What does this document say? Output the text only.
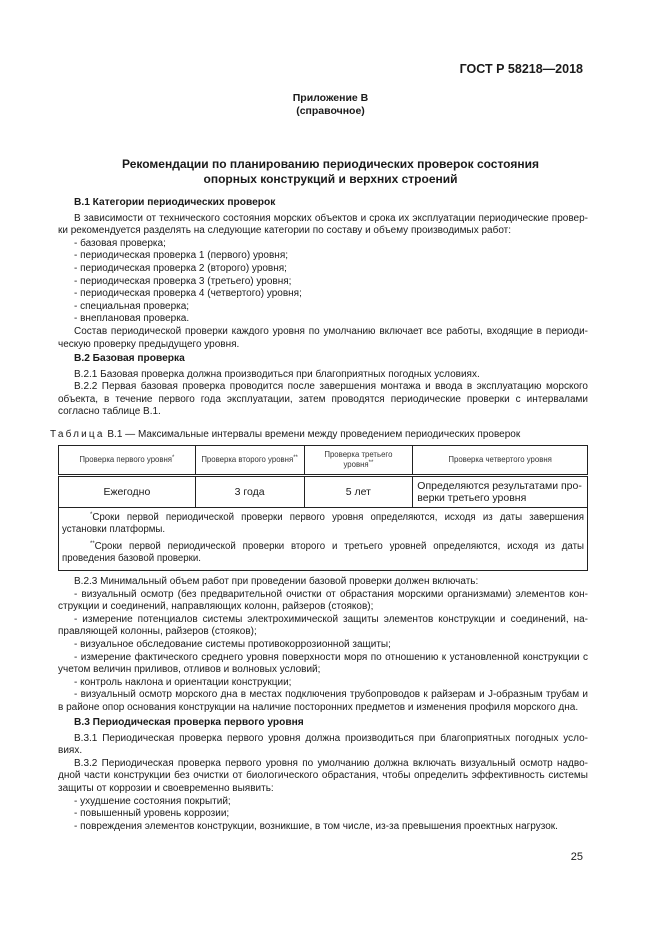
ГОСТ Р 58218—2018
Приложение В
(справочное)
Рекомендации по планированию периодических проверок состояния
опорных конструкций и верхних строений

В.1 Категории периодических проверок

В зависимости от технического состояния морских объектов и срока их эксплуатации периодические провер-ки рекомендуется разделять на следующие категории по составу и объему производимых работ:

- базовая проверка;

- периодическая проверка 1 (первого) уровня;

- периодическая проверка 2 (второго) уровня;

- периодическая проверка 3 (третьего) уровня;

- периодическая проверка 4 (четвертого) уровня;

- специальная проверка;

- внеплановая проверка.

Состав периодической проверки каждого уровня по умолчанию включает все работы, входящие в периоди-ческую проверку предыдущего уровня.

В.2 Базовая проверка

В.2.1 Базовая проверка должна производиться при благоприятных погодных условиях.

В.2.2 Первая базовая проверка проводится после завершения монтажа и ввода в эксплуатацию морского объекта, в течение первого года эксплуатации, затем проводятся периодические проверки с интервалами согласно таблице В.1.

Таблица В.1 — Максимальные интервалы времени между проведением периодических проверок

Проверка первого уровня*	Проверка второго уровня**	Проверка третьего уровня**	Проверка четвертого уровня
Ежегодно	3 года	5 лет	Определяются результатами про-верки третьего уровня

*Сроки первой периодической проверки первого уровня определяются, исходя из даты завершения установки платформы.

**Сроки первой периодической проверки второго и третьего уровней определяются, исходя из даты проведения базовой проверки.			

В.2.3 Минимальный объем работ при проведении базовой проверки должен включать:

- визуальный осмотр (без предварительной очистки от обрастания морскими организмами) элементов кон-струкции и соединений, направляющих колонн, райзеров (стояков);

- измерение потенциалов системы электрохимической защиты элементов конструкции и соединений, на-правляющей колонны, райзеров (стояков);

- визуальное обследование системы противокоррозионной защиты;

- измерение фактического среднего уровня поверхности моря по отношению к установленной конструкции с учетом величин приливов, отливов и волновых условий;

- контроль наклона и ориентации конструкции;

- визуальный осмотр морского дна в местах подключения трубопроводов к райзерам и J-образным трубам и в районе опор основания конструкции на наличие посторонних предметов и изменения профиля морского дна.

В.3 Периодическая проверка первого уровня

В.3.1 Периодическая проверка первого уровня должна производиться при благоприятных погодных усло-виях.

В.3.2 Периодическая проверка первого уровня по умолчанию должна включать визуальный осмотр надво-дной части конструкции без очистки от биологического обрастания, чтобы определить эффективность системы защиты от коррозии и своевременно выявить:

- ухудшение состояния покрытий;

- повышенный уровень коррозии;

- повреждения элементов конструкции, возникшие, в том числе, из-за превышения проектных нагрузок.

25
